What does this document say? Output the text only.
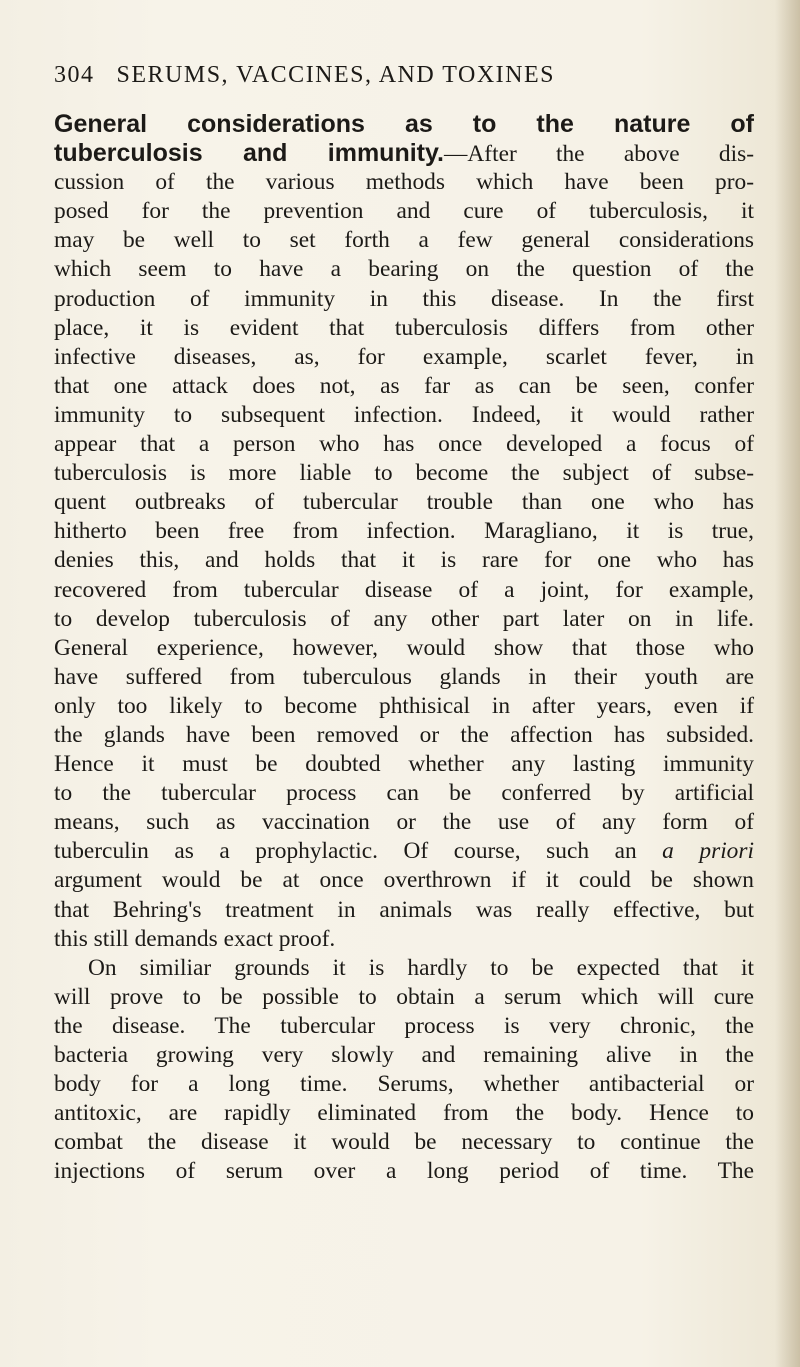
304 SERUMS, VACCINES, AND TOXINES
General considerations as to the nature of
tuberculosis and immunity.—After the above dis-
cussion of the various methods which have been pro-
posed for the prevention and cure of tuberculosis, it
may be well to set forth a few general considerations
which seem to have a bearing on the question of the
production of immunity in this disease. In the first
place, it is evident that tuberculosis differs from other
infective diseases, as, for example, scarlet fever, in
that one attack does not, as far as can be seen, confer
immunity to subsequent infection. Indeed, it would rather
appear that a person who has once developed a focus of
tuberculosis is more liable to become the subject of subse-
quent outbreaks of tubercular trouble than one who has
hitherto been free from infection. Maragliano, it is true,
denies this, and holds that it is rare for one who has
recovered from tubercular disease of a joint, for example,
to develop tuberculosis of any other part later on in life.
General experience, however, would show that those who
have suffered from tuberculous glands in their youth are
only too likely to become phthisical in after years, even if
the glands have been removed or the affection has subsided.
Hence it must be doubted whether any lasting immunity
to the tubercular process can be conferred by artificial
means, such as vaccination or the use of any form of
tuberculin as a prophylactic. Of course, such an a priori
argument would be at once overthrown if it could be shown
that Behring's treatment in animals was really effective, but
this still demands exact proof.
On similiar grounds it is hardly to be expected that it
will prove to be possible to obtain a serum which will cure
the disease. The tubercular process is very chronic, the
bacteria growing very slowly and remaining alive in the
body for a long time. Serums, whether antibacterial or
antitoxic, are rapidly eliminated from the body. Hence to
combat the disease it would be necessary to continue the
injections of serum over a long period of time. The
